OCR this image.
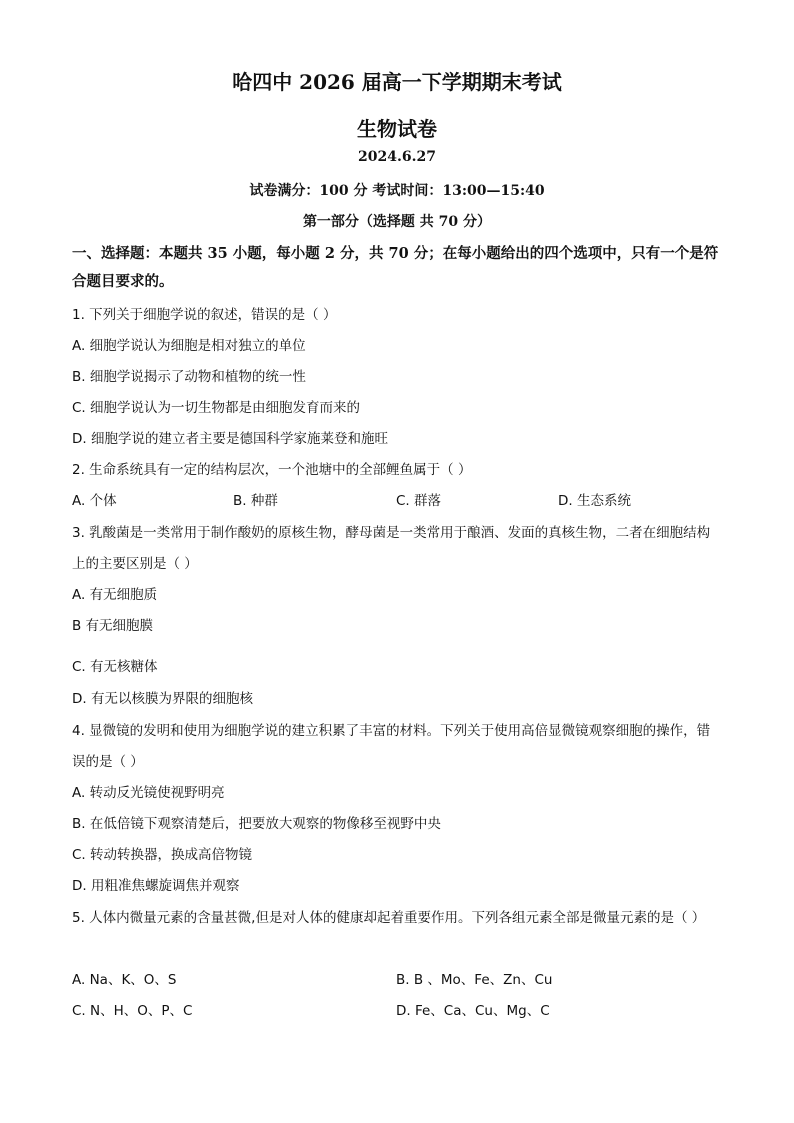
哈四中 2026 届高一下学期期末考试
生物试卷
2024.6.27
试卷满分：100 分 考试时间：13:00—15:40
第一部分（选择题 共 70 分）
一、选择题：本题共 35 小题，每小题 2 分，共 70 分；在每小题给出的四个选项中，只有一个是符合题目要求的。
1. 下列关于细胞学说的叙述，错误的是（ ）
A. 细胞学说认为细胞是相对独立的单位
B. 细胞学说揭示了动物和植物的统一性
C. 细胞学说认为一切生物都是由细胞发育而来的
D. 细胞学说的建立者主要是德国科学家施莱登和施旺
2. 生命系统具有一定的结构层次，一个池塘中的全部鲤鱼属于（ ）
A. 个体	B. 种群	C. 群落	D. 生态系统
3. 乳酸菌是一类常用于制作酸奶的原核生物，酵母菌是一类常用于酿酒、发面的真核生物，二者在细胞结构上的主要区别是（ ）
A. 有无细胞质
B 有无细胞膜
C. 有无核糖体
D. 有无以核膜为界限的细胞核
4. 显微镜的发明和使用为细胞学说的建立积累了丰富的材料。下列关于使用高倍显微镜观察细胞的操作，错误的是（ ）
A. 转动反光镜使视野明亮
B. 在低倍镜下观察清楚后，把要放大观察的物像移至视野中央
C. 转动转换器，换成高倍物镜
D. 用粗准焦螺旋调焦并观察
5. 人体内微量元素的含量甚微,但是对人体的健康却起着重要作用。下列各组元素全部是微量元素的是（ ）
A. Na、K、O、S	B. B 、Mo、Fe、Zn、Cu
C. N、H、O、P、C	D. Fe、Ca、Cu、Mg、C
